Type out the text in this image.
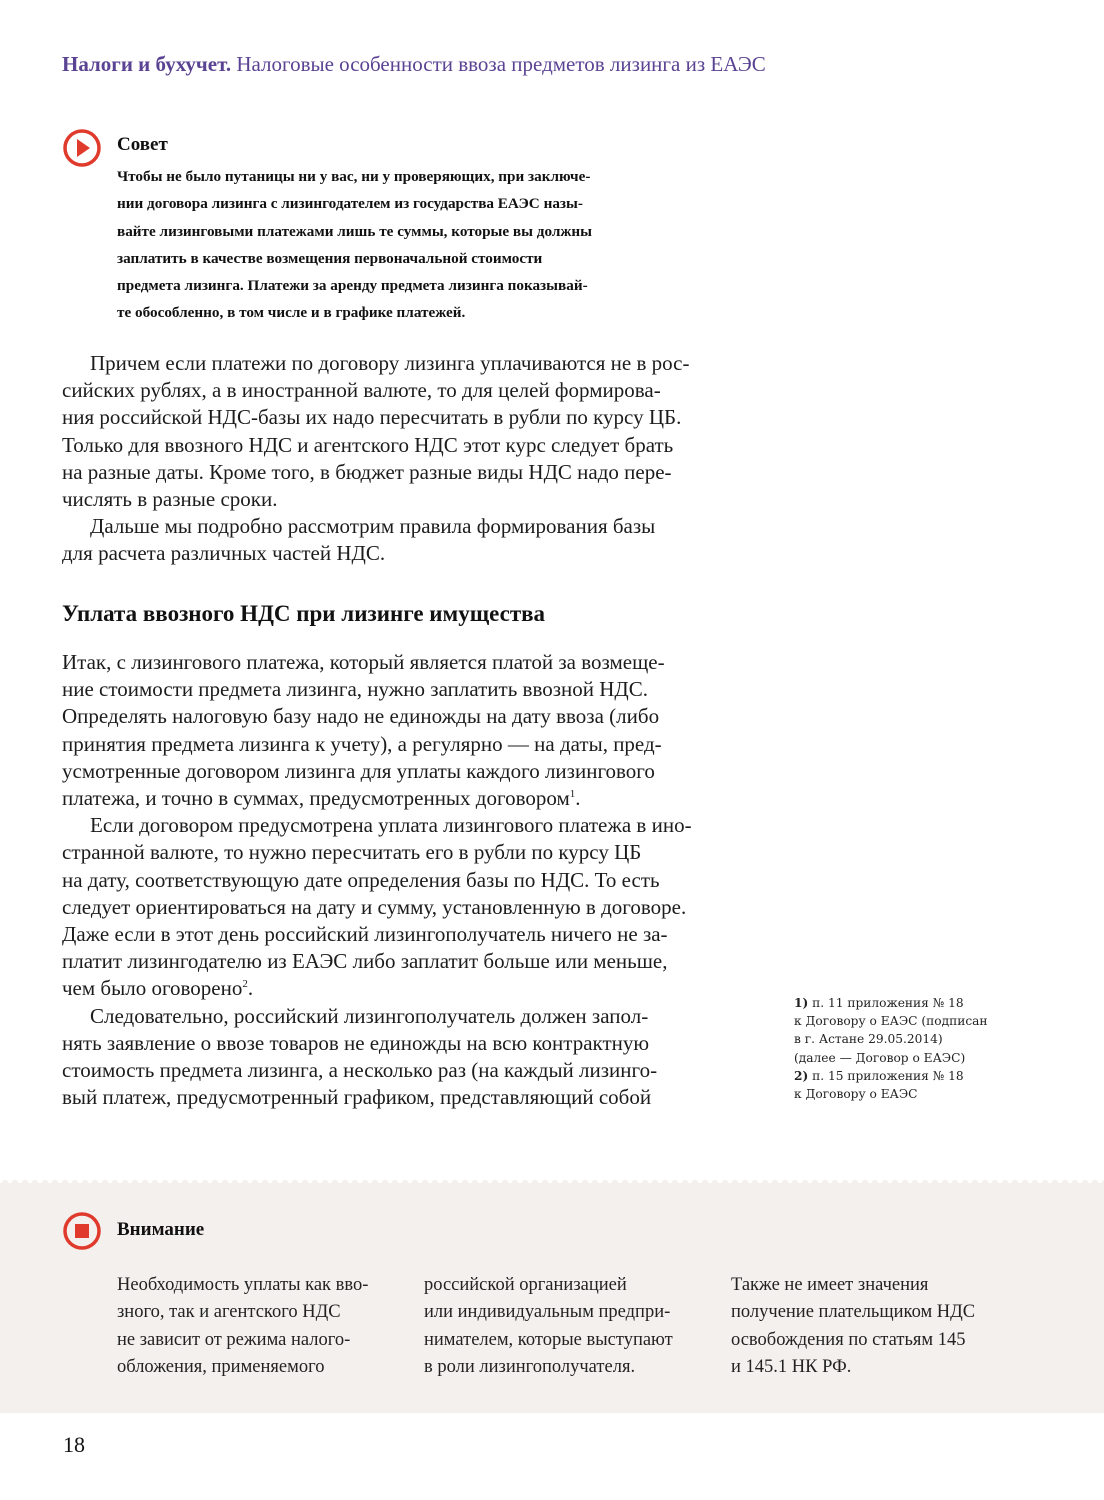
Налоги и бухучет. Налоговые особенности ввоза предметов лизинга из ЕАЭС
Совет
Чтобы не было путаницы ни у вас, ни у проверяющих, при заключе-
нии договора лизинга с лизингодателем из государства ЕАЭС назы-
вайте лизинговыми платежами лишь те суммы, которые вы должны
заплатить в качестве возмещения первоначальной стоимости
предмета лизинга. Платежи за аренду предмета лизинга показывай-
те обособленно, в том числе и в графике платежей.
Причем если платежи по договору лизинга уплачиваются не в рос-
сийских рублях, а в иностранной валюте, то для целей формирова-
ния российской НДС-базы их надо пересчитать в рубли по курсу ЦБ.
Только для ввозного НДС и агентского НДС этот курс следует брать
на разные даты. Кроме того, в бюджет разные виды НДС надо пере-
числять в разные сроки.
Дальше мы подробно рассмотрим правила формирования базы
для расчета различных частей НДС.
Уплата ввозного НДС при лизинге имущества
Итак, с лизингового платежа, который является платой за возмеще-
ние стоимости предмета лизинга, нужно заплатить ввозной НДС.
Определять налоговую базу надо не единожды на дату ввоза (либо
принятия предмета лизинга к учету), а регулярно — на даты, пред-
усмотренные договором лизинга для уплаты каждого лизингового
платежа, и точно в суммах, предусмотренных договором$^1$.
Если договором предусмотрена уплата лизингового платежа в ино-
странной валюте, то нужно пересчитать его в рубли по курсу ЦБ
на дату, соответствующую дате определения базы по НДС. То есть
следует ориентироваться на дату и сумму, установленную в договоре.
Даже если в этот день российский лизингополучатель ничего не за-
платит лизингодателю из ЕАЭС либо заплатит больше или меньше,
чем было оговорено$^2$.
Следовательно, российский лизингополучатель должен запол-
нять заявление о ввозе товаров не единожды на всю контрактную
стоимость предмета лизинга, а несколько раз (на каждый лизинго-
вый платеж, предусмотренный графиком, представляющий собой
1) п. 11 приложения № 18
к Договору о ЕАЭС (подписан
в г. Астане 29.05.2014)
(далее — Договор о ЕАЭС)
2) п. 15 приложения № 18
к Договору о ЕАЭС
Внимание
Необходимость уплаты как вво-
зного, так и агентского НДС
не зависит от режима налого-
обложения, применяемого
российской организацией
или индивидуальным предпри-
нимателем, которые выступают
в роли лизингополучателя.
Также не имеет значения
получение плательщиком НДС
освобождения по статьям 145
и 145.1 НК РФ.
18
